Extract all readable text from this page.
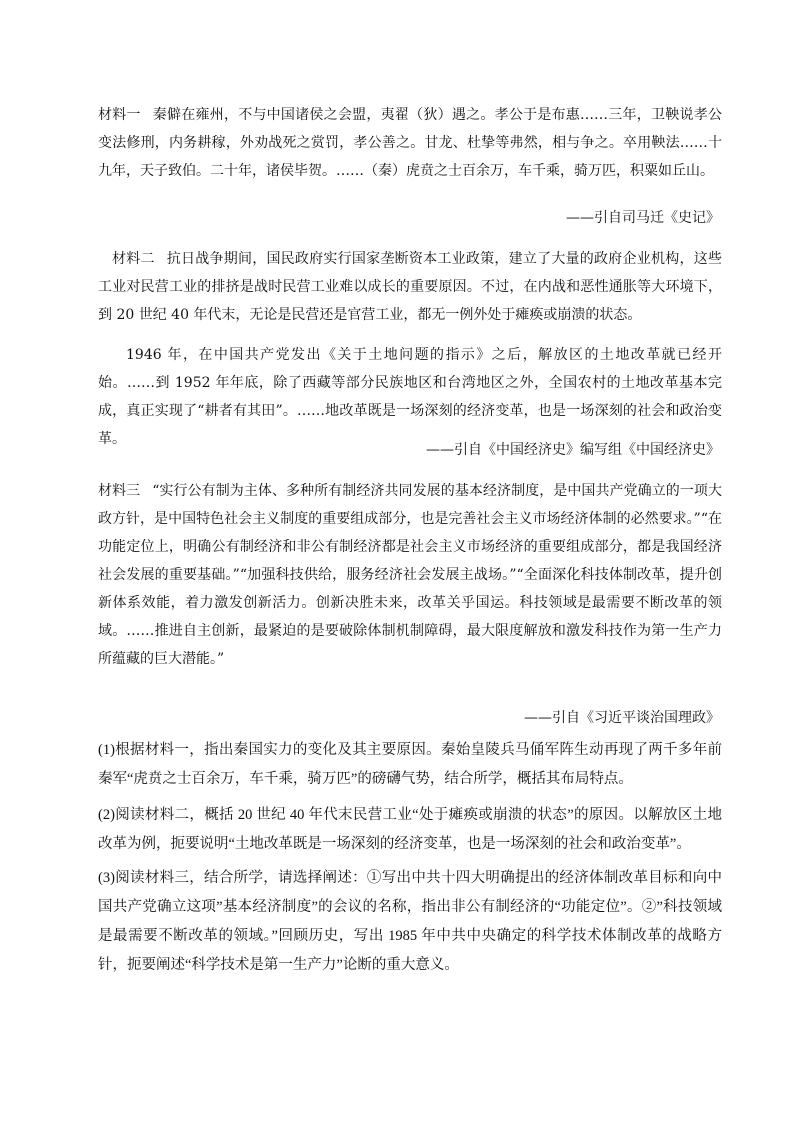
材料一 秦僻在雍州，不与中国诸侯之会盟，夷翟（狄）遇之。孝公于是布惠……三年，卫鞅说孝公变法修刑，内务耕稼，外劝战死之赏罚，孝公善之。甘龙、杜挚等弗然，相与争之。卒用鞅法……十九年，天子致伯。二十年，诸侯毕贺。……（秦）虎贲之士百余万，车千乘，骑万匹，积粟如丘山。

——引自司马迁《史记》

材料二 抗日战争期间，国民政府实行国家垄断资本工业政策，建立了大量的政府企业机构，这些工业对民营工业的排挤是战时民营工业难以成长的重要原因。不过，在内战和恶性通胀等大环境下，到 20 世纪 40 年代末，无论是民营还是官营工业，都无一例外处于瘫痪或崩溃的状态。

1946 年，在中国共产党发出《关于土地问题的指示》之后，解放区的土地改革就已经开始。……到 1952 年年底，除了西藏等部分民族地区和台湾地区之外，全国农村的土地改革基本完成，真正实现了“耕者有其田”。……地改革既是一场深刻的经济变革，也是一场深刻的社会和政治变革。

——引自《中国经济史》编写组《中国经济史》

材料三 “实行公有制为主体、多种所有制经济共同发展的基本经济制度，是中国共产党确立的一项大政方针，是中国特色社会主义制度的重要组成部分，也是完善社会主义市场经济体制的必然要求。”“在功能定位上，明确公有制经济和非公有制经济都是社会主义市场经济的重要组成部分，都是我国经济社会发展的重要基础。”“加强科技供给，服务经济社会发展主战场。”“全面深化科技体制改革，提升创新体系效能，着力激发创新活力。创新决胜未来，改革关乎国运。科技领域是最需要不断改革的领域。……推进自主创新，最紧迫的是要破除体制机制障碍，最大限度解放和激发科技作为第一生产力所蕴藏的巨大潜能。”

——引自《习近平谈治国理政》

(1)根据材料一，指出秦国实力的变化及其主要原因。秦始皇陵兵马俑军阵生动再现了两千多年前秦军“虎贲之士百余万，车千乘，骑万匹”的磅礴气势，结合所学，概括其布局特点。

(2)阅读材料二，概括 20 世纪 40 年代末民营工业“处于瘫痪或崩溃的状态”的原因。以解放区土地改革为例，扼要说明“土地改革既是一场深刻的经济变革，也是一场深刻的社会和政治变革”。

(3)阅读材料三，结合所学，请选择阐述：①写出中共十四大明确提出的经济体制改革目标和向中国共产党确立这项”基本经济制度”的会议的名称，指出非公有制经济的“功能定位”。②”科技领域是最需要不断改革的领域。”回顾历史，写出 1985 年中共中央确定的科学技术体制改革的战略方针，扼要阐述“科学技术是第一生产力”论断的重大意义。
